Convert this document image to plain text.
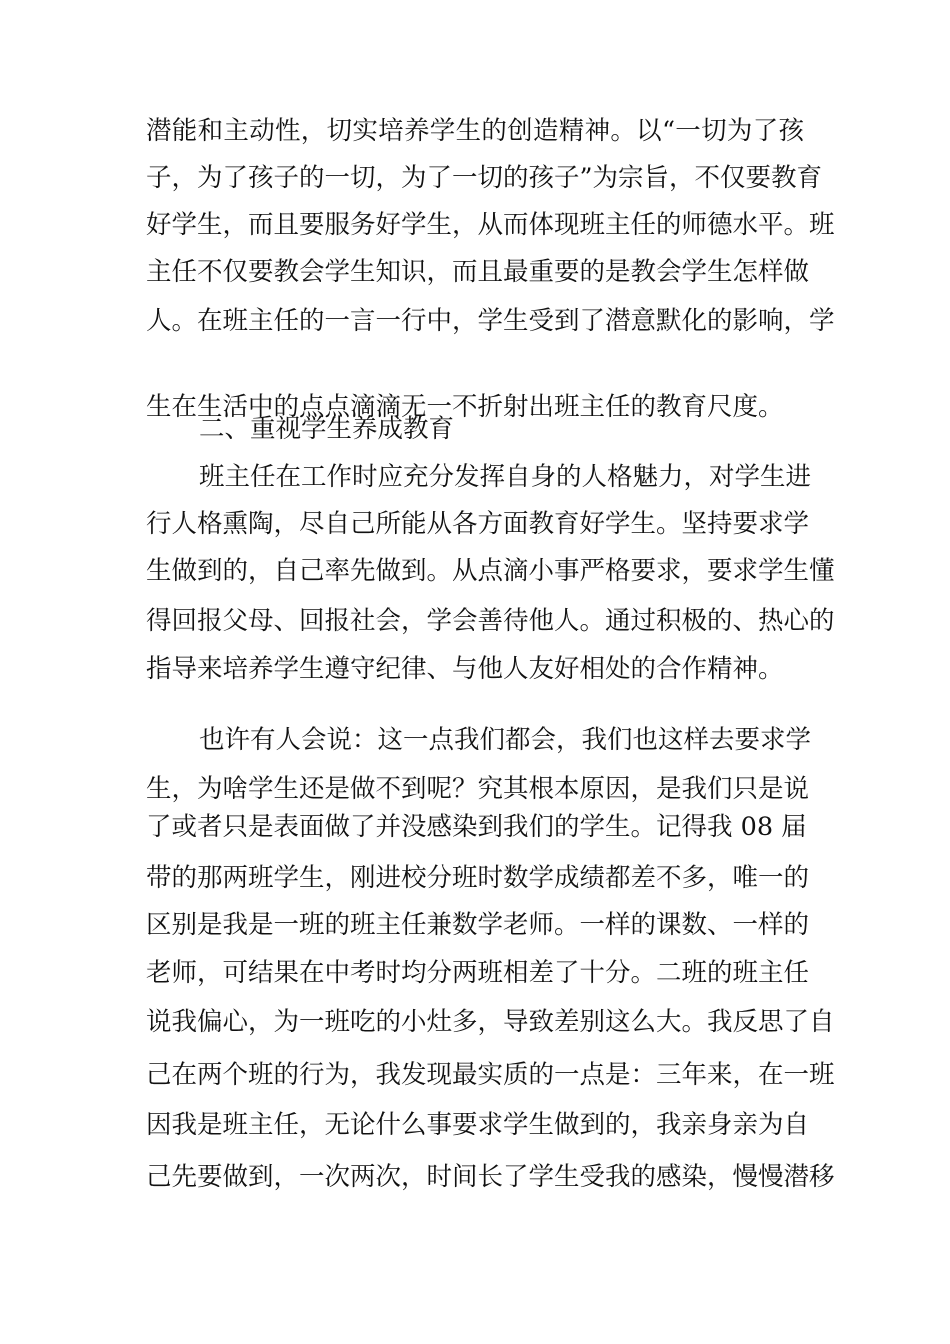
潜能和主动性，切实培养学生的创造精神。以“一切为了孩
子，为了孩子的一切，为了一切的孩子”为宗旨，不仅要教育
好学生，而且要服务好学生，从而体现班主任的师德水平。班
主任不仅要教会学生知识，而且最重要的是教会学生怎样做
人。在班主任的一言一行中，学生受到了潜意默化的影响，学
生在生活中的点点滴滴无一不折射出班主任的教育尺度。
二、重视学生养成教育
班主任在工作时应充分发挥自身的人格魅力，对学生进
行人格熏陶，尽自己所能从各方面教育好学生。坚持要求学
生做到的，自己率先做到。从点滴小事严格要求，要求学生懂
得回报父母、回报社会，学会善待他人。通过积极的、热心的
指导来培养学生遵守纪律、与他人友好相处的合作精神。
也许有人会说：这一点我们都会，我们也这样去要求学
生，为啥学生还是做不到呢？究其根本原因，是我们只是说
了或者只是表面做了并没感染到我们的学生。记得我 08 届
带的那两班学生，刚进校分班时数学成绩都差不多，唯一的
区别是我是一班的班主任兼数学老师。一样的课数、一样的
老师，可结果在中考时均分两班相差了十分。二班的班主任
说我偏心，为一班吃的小灶多，导致差别这么大。我反思了自
己在两个班的行为，我发现最实质的一点是：三年来，在一班
因我是班主任，无论什么事要求学生做到的，我亲身亲为自
己先要做到，一次两次，时间长了学生受我的感染，慢慢潜移
